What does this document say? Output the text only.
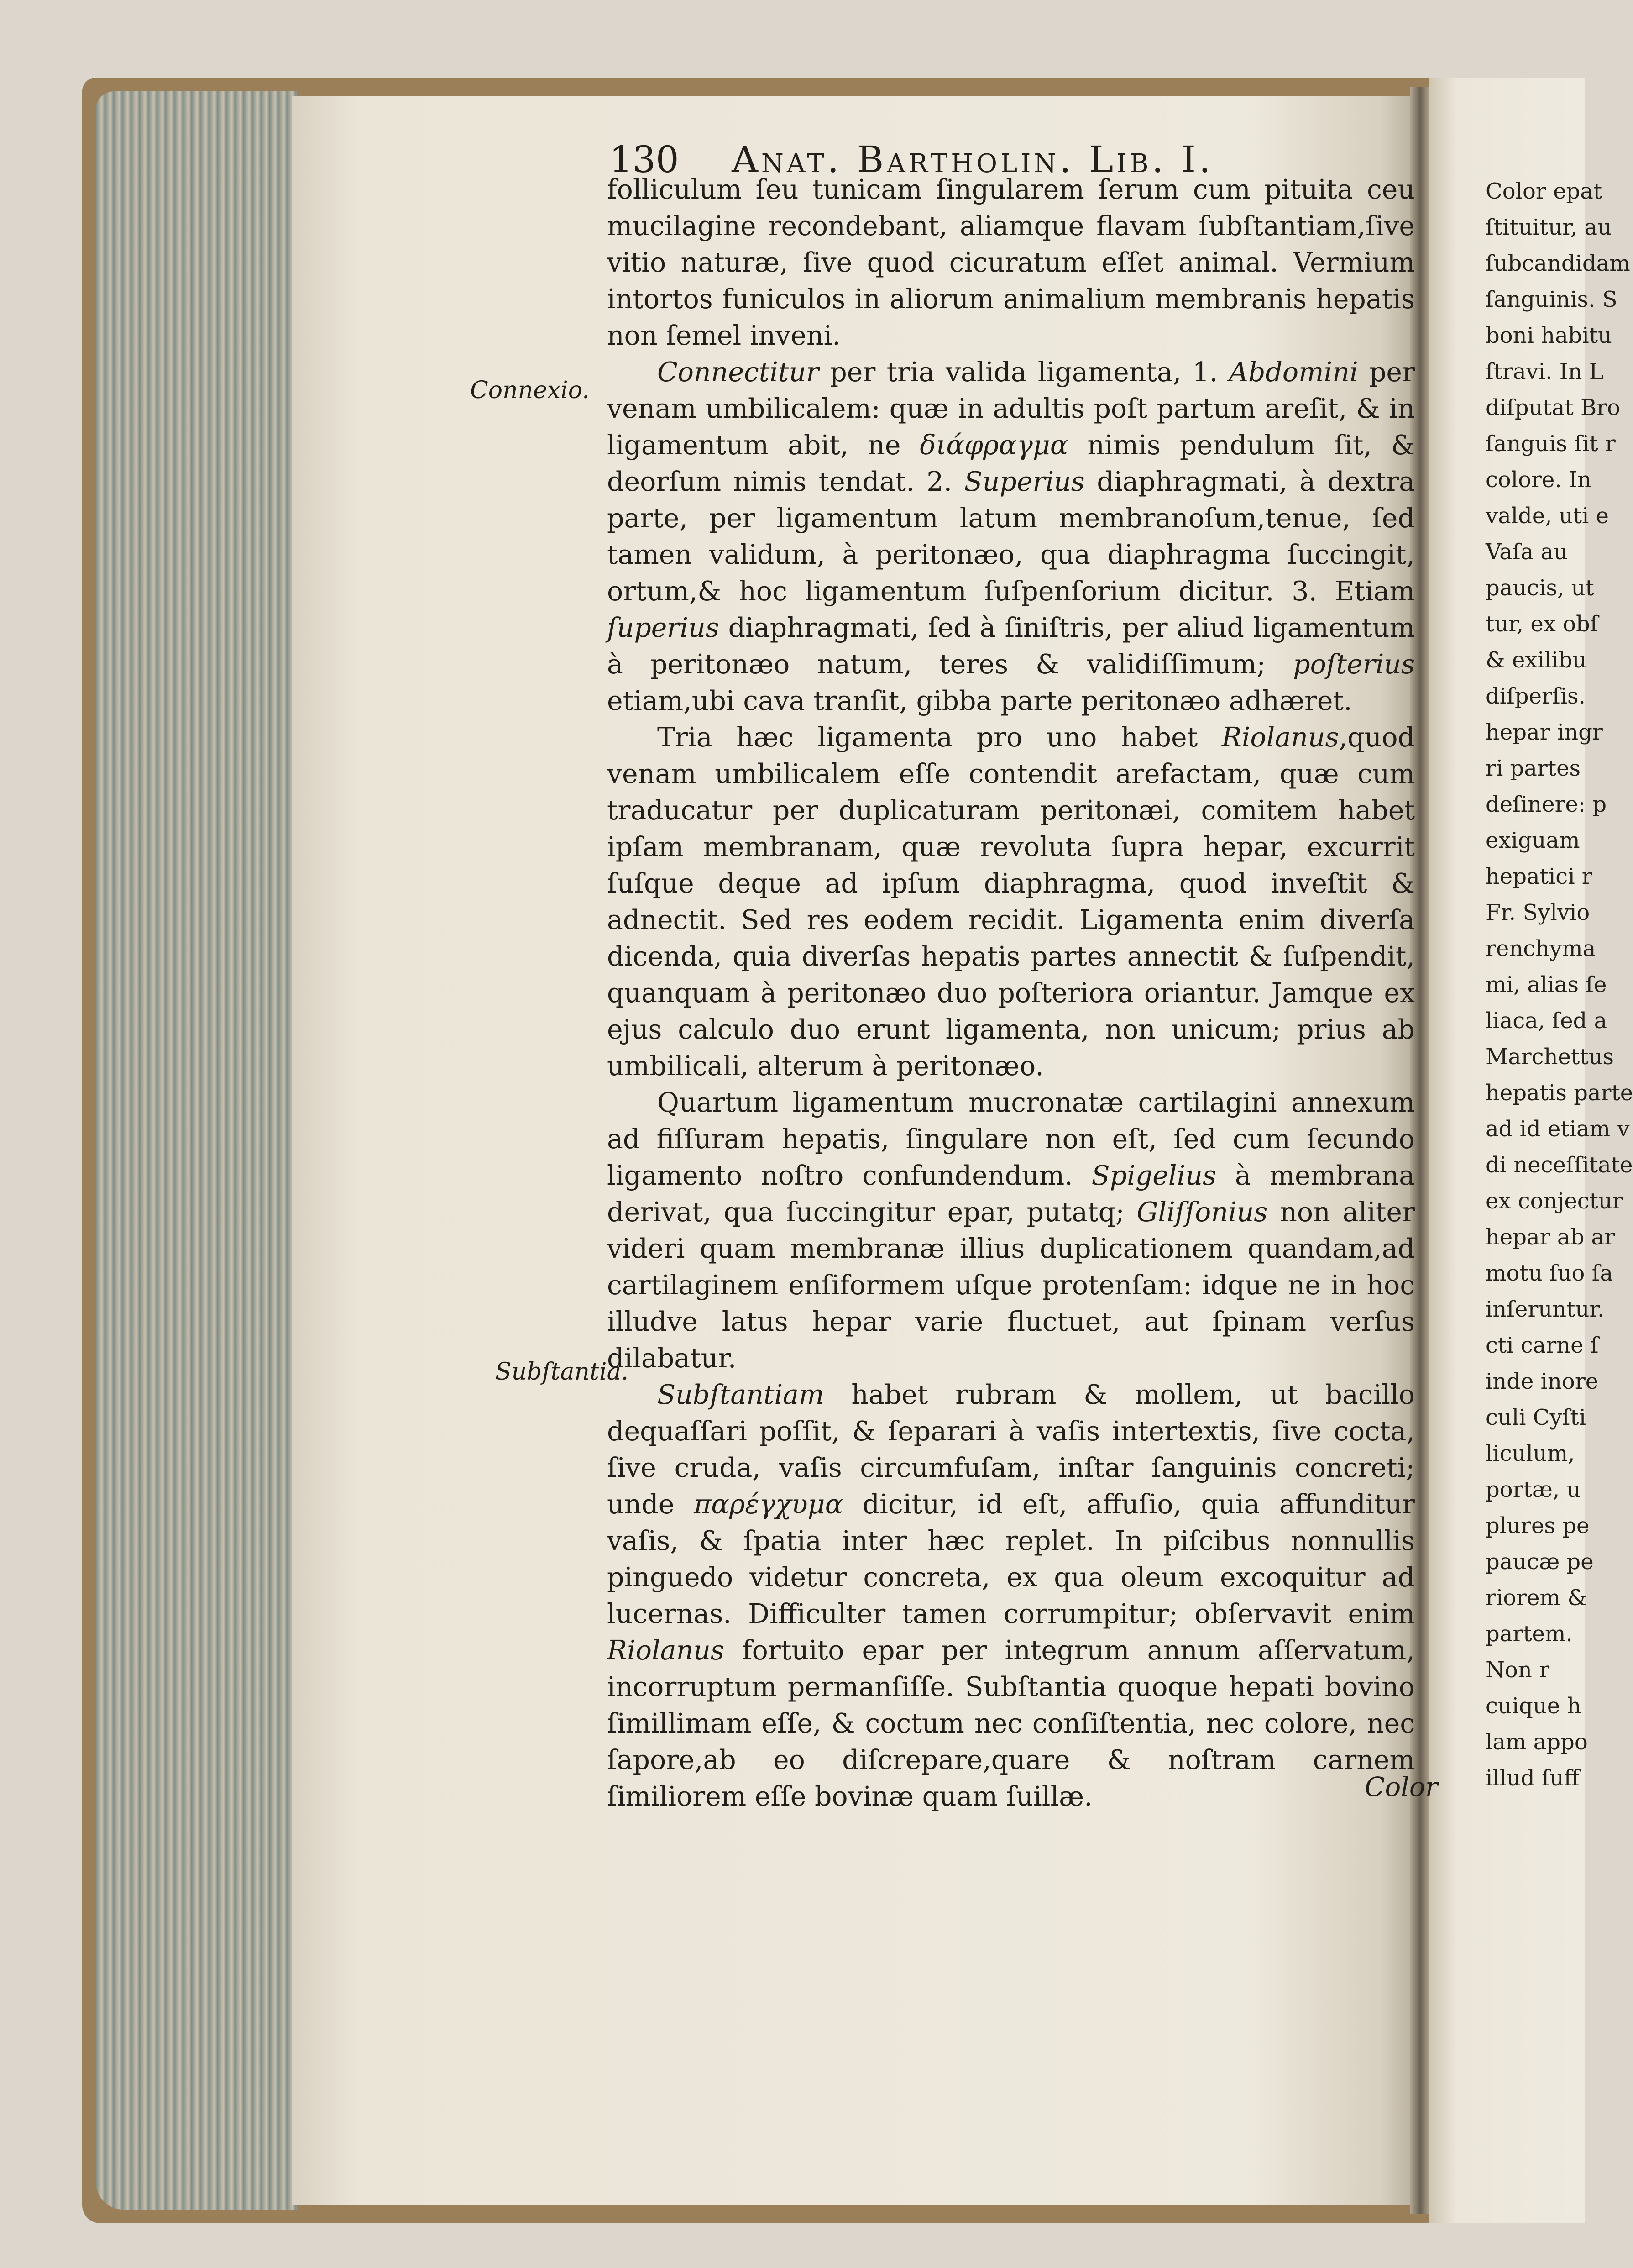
130 Anat. Bartholin. Lib. I.
Connexio.
Subſtantia.

folliculum ſeu tunicam ſingularem ſerum cum pituita ceu mucilagine recondebant, aliamque flavam ſubſtantiam,ſive vitio naturæ, ſive quod cicuratum eſſet animal. Vermium intortos funiculos in aliorum animalium membranis hepatis non ſemel inveni.

Connectitur per tria valida ligamenta, 1. Abdomini per venam umbilicalem: quæ in adultis poſt partum areſit, & in ligamentum abit, ne διάφραγμα nimis pendulum ſit, & deorſum nimis tendat. 2. Superius diaphragmati, à dextra parte, per ligamentum latum membranoſum,tenue, ſed tamen validum, à peritonæo, qua diaphragma ſuccingit, ortum,& hoc ligamentum ſuſpenſorium dicitur. 3. Etiam ſuperius diaphragmati, ſed à ſiniſtris, per aliud ligamentum à peritonæo natum, teres & validiſſimum; poſterius etiam,ubi cava tranſit, gibba parte peritonæo adhæret.

Tria hæc ligamenta pro uno habet Riolanus,quod venam umbilicalem eſſe contendit arefactam, quæ cum traducatur per duplicaturam peritonæi, comitem habet ipſam membranam, quæ revoluta ſupra hepar, excurrit ſuſque deque ad ipſum diaphragma, quod inveſtit & adnectit. Sed res eodem recidit. Ligamenta enim diverſa dicenda, quia diverſas hepatis partes annectit & ſuſpendit, quanquam à peritonæo duo poſteriora oriantur. Jamque ex ejus calculo duo erunt ligamenta, non unicum; prius ab umbilicali, alterum à peritonæo.

Quartum ligamentum mucronatæ cartilagini annexum ad fiſſuram hepatis, ſingulare non eſt, ſed cum ſecundo ligamento noſtro confundendum. Spigelius à membrana derivat, qua ſuccingitur epar, putatq; Gliſſonius non aliter videri quam membranæ illius duplicationem quandam,ad cartilaginem enſiformem uſque protenſam: idque ne in hoc illudve latus hepar varie fluctuet, aut ſpinam verſus dilabatur.

Subſtantiam habet rubram & mollem, ut bacillo dequaſſari poſſit, & ſeparari à vaſis intertextis, ſive cocta, ſive cruda, vaſis circumfuſam, inſtar ſanguinis concreti; unde παρέγχυμα dicitur, id eſt, affuſio, quia affunditur vaſis, & ſpatia inter hæc replet. In piſcibus nonnullis pinguedo videtur concreta, ex qua oleum excoquitur ad lucernas. Difficulter tamen corrumpitur; obſervavit enim Riolanus fortuito epar per integrum annum aſſervatum, incorruptum permanſiſſe. Subſtantia quoque hepati bovino ſimillimam eſſe, & coctum nec conſiſtentia, nec colore, nec ſapore,ab eo diſcrepare,quare & noſtram carnem ſimiliorem eſſe bovinæ quam ſuillæ.	Color
Color epat
ſtituitur, au
ſubcandidam
ſanguinis. S
boni habitu
ſtravi. In L
diſputat Bro
ſanguis ſit r
colore. In
valde, uti e
Vaſa au
paucis, ut
tur, ex obſ
& exilibu
diſperſis.
hepar ingr
ri partes
deſinere: p
exiguam
hepatici r
Fr. Sylvio
renchyma
mi, alias ſe
liaca, ſed a
Marchettus
hepatis parte
ad id etiam v
di neceſſitate
ex conjectur
hepar ab ar
motu ſuo ſa
inſeruntur.
cti carne ſ
inde inore
culi Cyſti
liculum,
portæ, u
plures pe
paucæ pe
riorem &
partem.
Non r
cuique h
lam appo
illud ſuff
